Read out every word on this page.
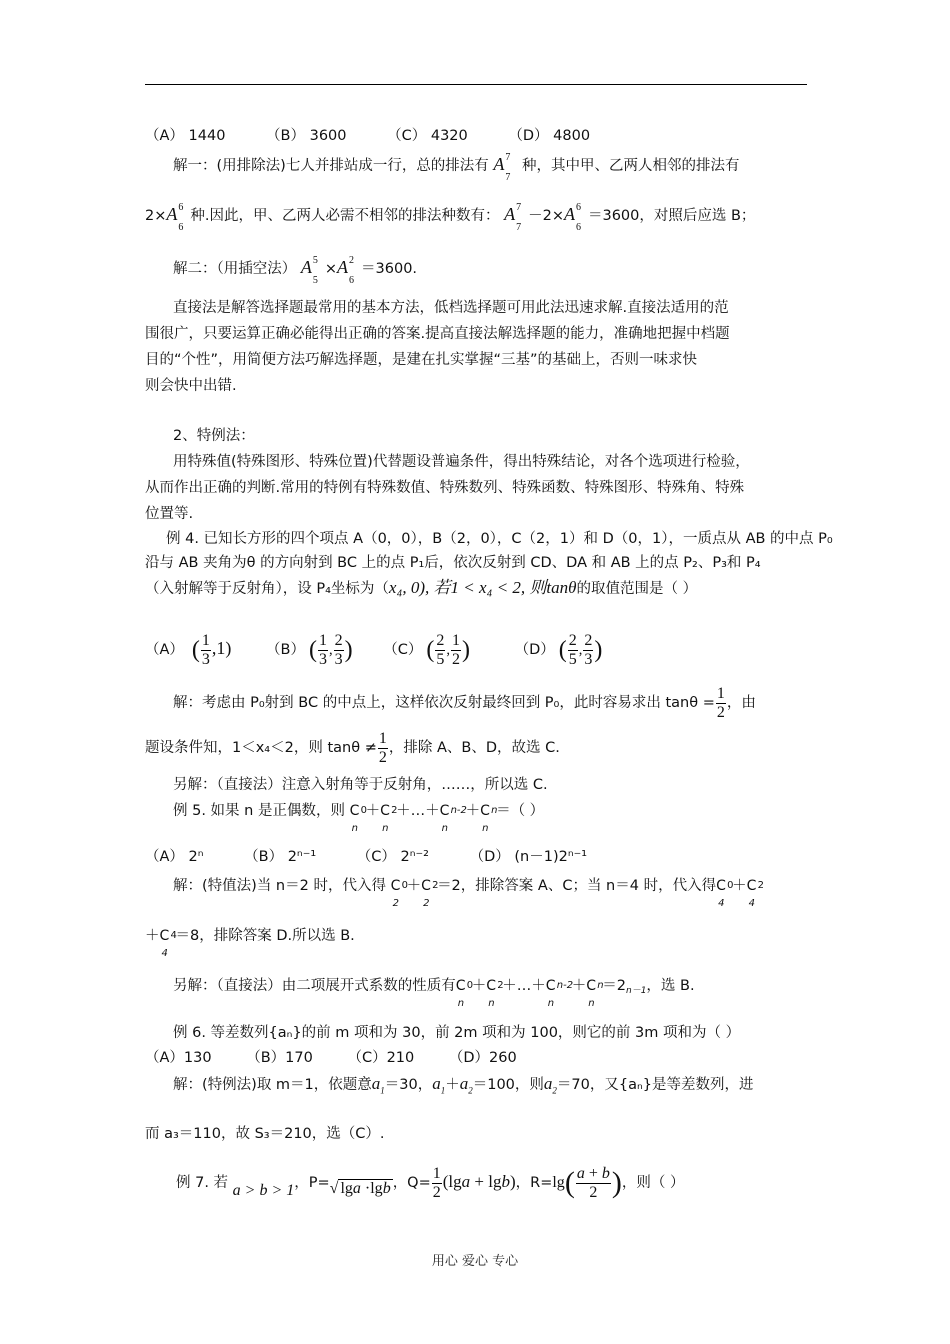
（A） 1440	（B） 3600	（C） 4320	（D） 4800
解一：(用排除法)七人并排站成一行，总的排法有 A 7
7
种，其中甲、乙两人相邻的排法有
2× A 6
6
种.因此，甲、乙两人必需不相邻的排法种数有： A 7
7
－2× A 6
6
＝3600，对照后应选 B；
解二：（用插空法） A 5
5
× A 2
6
＝3600.
直接法是解答选择题最常用的基本方法，低档选择题可用此法迅速求解.直接法适用的范
围很广，只要运算正确必能得出正确的答案.提高直接法解选择题的能力，准确地把握中档题
目的“个性”，用简便方法巧解选择题，是建在扎实掌握“三基”的基础上，否则一味求快
则会快中出错.
2、特例法：
用特殊值(特殊图形、特殊位置)代替题设普遍条件，得出特殊结论，对各个选项进行检验，
从而作出正确的判断.常用的特例有特殊数值、特殊数列、特殊函数、特殊图形、特殊角、特殊
位置等.
例 4. 已知长方形的四个项点 A（0，0），B（2，0），C（2，1）和 D（0，1），一质点从 AB 的中点 P₀
沿与 AB 夹角为θ 的方向射到 BC 上的点 P₁后，依次反射到 CD、DA 和 AB 上的点 P₂、P₃和 P₄
（入射解等于反射角），设 P₄坐标为（x₄, 0), 若1 < x₄ < 2, 则tanθ的取值范围是（ ）
（A） ( $\frac{1}{3} ,1$) （B） ( $\frac{1}{3}$ , $\frac{2}{3}$ ) （C） ( $\frac{2}{5}$ , $\frac{1}{2}$ )	（D） ( $\frac{2}{5}$ , $\frac{2}{3}$ )
解：考虑由 P₀射到 BC 的中点上，这样依次反射最终回到 P₀，此时容易求出 $\tan\theta = \frac{1}{2}$ ，由
题设条件知，1＜x₄＜2，则 $\tan\theta \ne \frac{1}{2}$ ，排除 A、B、D，故选 C.
另解：（直接法）注意入射角等于反射角，……，所以选 C.
例 5. 如果 n 是正偶数，则 C 0
n
＋ C 2
n
＋…＋ C n-2
n
＋ C n
n
＝（ ）
（A） 2ⁿ	（B） 2ⁿ⁻¹	（C） 2ⁿ⁻²	（D） (n－1)2ⁿ⁻¹
解：(特值法)当 n＝2 时，代入得 C 0
2
＋ C 2
2
＝2，排除答案 A、C；当 n＝4 时，代入得 C 0
4
＋ C 2
4
＋ C 4
4
＝8，排除答案 D.所以选 B.
另解：（直接法）由二项展开式系数的性质有 C 0
n
＋ C 2
n
＋…＋ C n-2
n
＋ C n
n
$=2_{n-1}$，选 B.
例 6. 等差数列{aₙ}的前 m 项和为 30，前 2m 项和为 100，则它的前 3m 项和为（ ）
（A）130 （B）170 （C）210 （D）260
解：(特例法)取 m＝1，依题意$a_1=30$，$a_1+a_2=100$，则$a_2=70$，又{aₙ}是等差数列，进
而 a₃＝110，故 S₃＝210，选（C）.
例 7. 若 a > b > 1，P=√ lga ·lgb ，$Q= \frac{1}{2} (\lg a + \lg b)$，$R=\lg( \frac{a + b}{2}$ )，则（ ）
用心 爱心 专心
